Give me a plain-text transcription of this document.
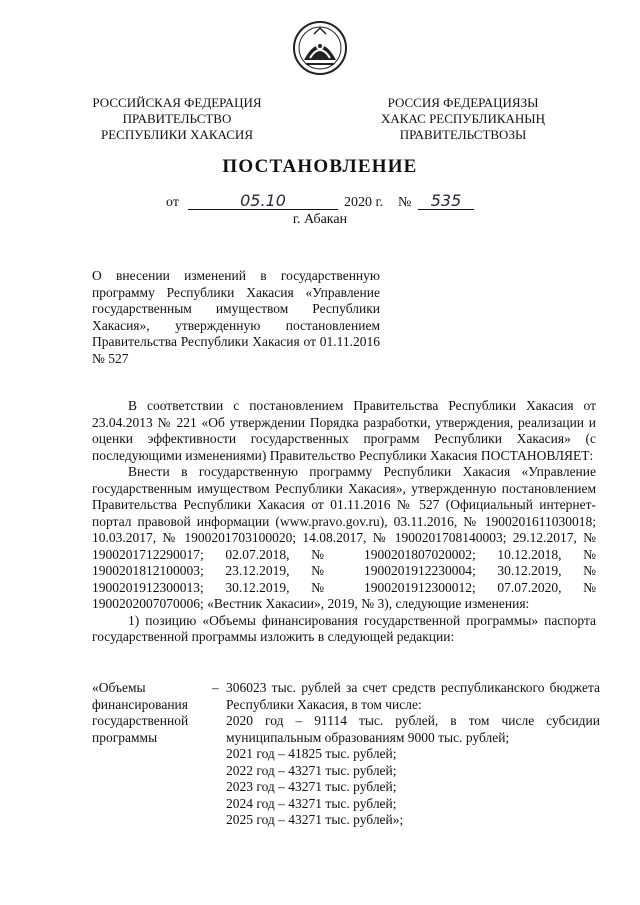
РОССИЙСКАЯ ФЕДЕРАЦИЯ
ПРАВИТЕЛЬСТВО
РЕСПУБЛИКИ ХАКАСИЯ
РОССИЯ ФЕДЕРАЦИЯЗЫ
ХАКАС РЕСПУБЛИКАНЫҢ
ПРАВИТЕЛЬСТВОЗЫ
ПОСТАНОВЛЕНИЕ
от	05.10	2020 г. №	535
г. Абакан
О внесении изменений в государственную программу Республики Хакасия «Управление государственным имуществом Республики Хакасия», утвержденную постановлением Правительства Республики Хакасия от 01.11.2016 № 527

В соответствии с постановлением Правительства Республики Хакасия от 23.04.2013 № 221 «Об утверждении Порядка разработки, утверждения, реализации и оценки эффективности государственных программ Республики Хакасия» (с последующими изменениями) Правительство Республики Хакасия ПОСТАНОВЛЯЕТ:

Внести в государственную программу Республики Хакасия «Управление государственным имуществом Республики Хакасия», утвержденную постановлением Правительства Республики Хакасия от 01.11.2016 № 527 (Официальный интернет-портал правовой информации (www.pravo.gov.ru), 03.11.2016, № 1900201611030018; 10.03.2017, № 1900201703100020; 14.08.2017, № 1900201708140003; 29.12.2017, № 1900201712290017; 02.07.2018, № 1900201807020002; 10.12.2018, № 1900201812100003; 23.12.2019, № 1900201912230004; 30.12.2019, № 1900201912300013; 30.12.2019, № 1900201912300012; 07.07.2020, № 1900202007070006; «Вестник Хакасии», 2019, № 3), следующие изменения:

1) позицию «Объемы финансирования государственной программы» паспорта государственной программы изложить в следующей редакции:

«Объемы финансирования государственной программы
– 306023 тыс. рублей за счет средств республиканского бюджета Республики Хакасия, в том числе:
2020 год – 91114 тыс. рублей, в том числе субсидии муниципальным образованиям 9000 тыс. рублей;
2021 год – 41825 тыс. рублей;
2022 год – 43271 тыс. рублей;
2023 год – 43271 тыс. рублей;
2024 год – 43271 тыс. рублей;
2025 год – 43271 тыс. рублей»;
